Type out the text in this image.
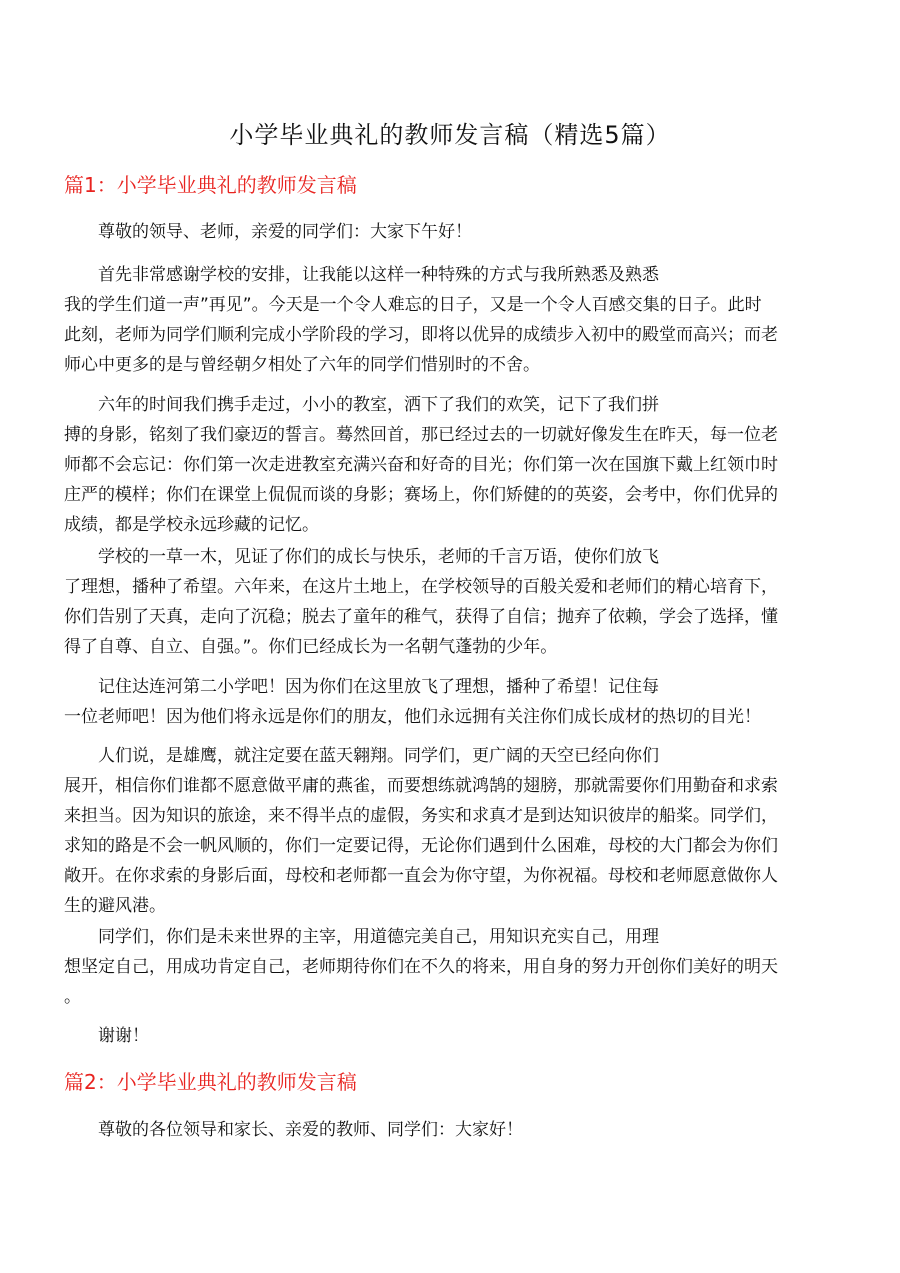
小学毕业典礼的教师发言稿（精选5篇）
篇1：小学毕业典礼的教师发言稿

尊敬的领导、老师，亲爱的同学们：大家下午好！

首先非常感谢学校的安排，让我能以这样一种特殊的方式与我所熟悉及熟悉
我的学生们道一声”再见”。今天是一个令人难忘的日子，又是一个令人百感交集的日子。此时
此刻，老师为同学们顺利完成小学阶段的学习，即将以优异的成绩步入初中的殿堂而高兴；而老
师心中更多的是与曾经朝夕相处了六年的同学们惜别时的不舍。

六年的时间我们携手走过，小小的教室，洒下了我们的欢笑，记下了我们拼
搏的身影，铭刻了我们豪迈的誓言。蓦然回首，那已经过去的一切就好像发生在昨天，每一位老
师都不会忘记：你们第一次走进教室充满兴奋和好奇的目光；你们第一次在国旗下戴上红领巾时
庄严的模样；你们在课堂上侃侃而谈的身影；赛场上，你们矫健的的英姿，会考中，你们优异的
成绩，都是学校永远珍藏的记忆。

学校的一草一木，见证了你们的成长与快乐，老师的千言万语，使你们放飞
了理想，播种了希望。六年来，在这片土地上，在学校领导的百般关爱和老师们的精心培育下，
你们告别了天真，走向了沉稳；脱去了童年的稚气，获得了自信；抛弃了依赖，学会了选择，懂
得了自尊、自立、自强。”。你们已经成长为一名朝气蓬勃的少年。

记住达连河第二小学吧！因为你们在这里放飞了理想，播种了希望！记住每
一位老师吧！因为他们将永远是你们的朋友，他们永远拥有关注你们成长成材的热切的目光！

人们说，是雄鹰，就注定要在蓝天翱翔。同学们，更广阔的天空已经向你们
展开，相信你们谁都不愿意做平庸的燕雀，而要想练就鸿鹄的翅膀，那就需要你们用勤奋和求索
来担当。因为知识的旅途，来不得半点的虚假，务实和求真才是到达知识彼岸的船桨。同学们，
求知的路是不会一帆风顺的，你们一定要记得，无论你们遇到什么困难，母校的大门都会为你们
敞开。在你求索的身影后面，母校和老师都一直会为你守望，为你祝福。母校和老师愿意做你人
生的避风港。

同学们，你们是未来世界的主宰，用道德完美自己，用知识充实自己，用理
想坚定自己，用成功肯定自己，老师期待你们在不久的将来，用自身的努力开创你们美好的明天
。

谢谢！

篇2：小学毕业典礼的教师发言稿

尊敬的各位领导和家长、亲爱的教师、同学们：大家好！
